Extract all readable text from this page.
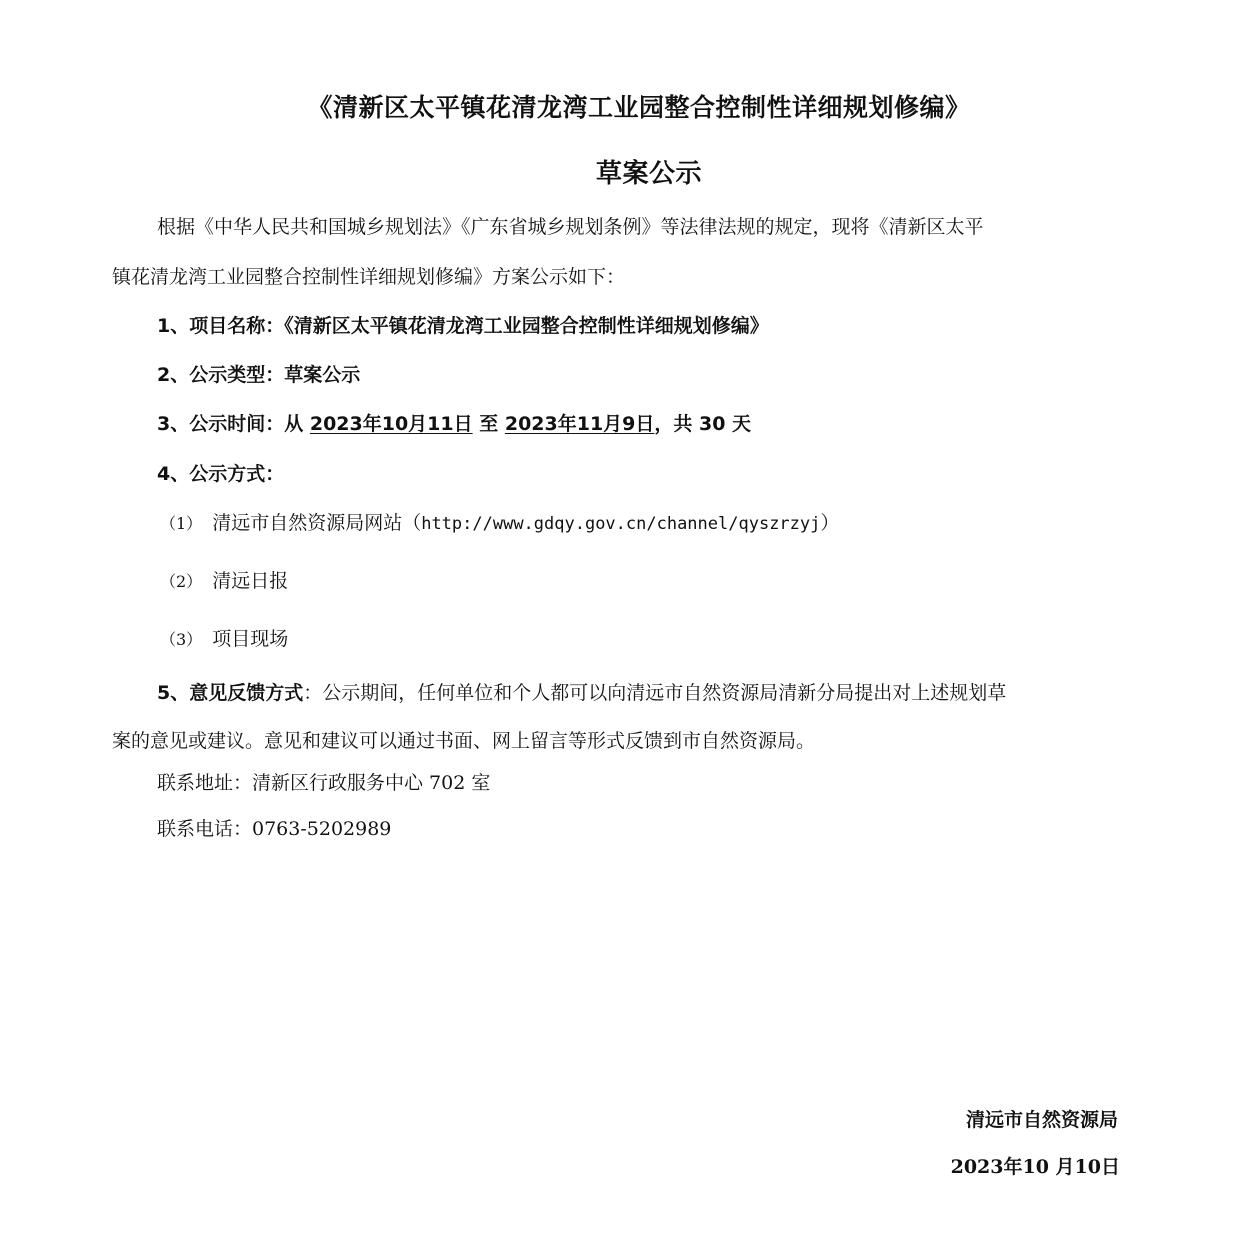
《清新区太平镇花清龙湾工业园整合控制性详细规划修编》
草案公示
根据《中华人民共和国城乡规划法》《广东省城乡规划条例》等法律法规的规定，现将《清新区太平
镇花清龙湾工业园整合控制性详细规划修编》方案公示如下：
1、项目名称：《清新区太平镇花清龙湾工业园整合控制性详细规划修编》
2、公示类型：草案公示
3、公示时间：从 2023年10月11日 至 2023年11月9日，共 30 天
4、公示方式：
（1） 清远市自然资源局网站（http://www.gdqy.gov.cn/channel/qyszrzyj）
（2） 清远日报
（3） 项目现场
5、意见反馈方式：公示期间，任何单位和个人都可以向清远市自然资源局清新分局提出对上述规划草
案的意见或建议。意见和建议可以通过书面、网上留言等形式反馈到市自然资源局。
联系地址：清新区行政服务中心 702 室
联系电话：0763-5202989
清远市自然资源局
2023年10 月10日
